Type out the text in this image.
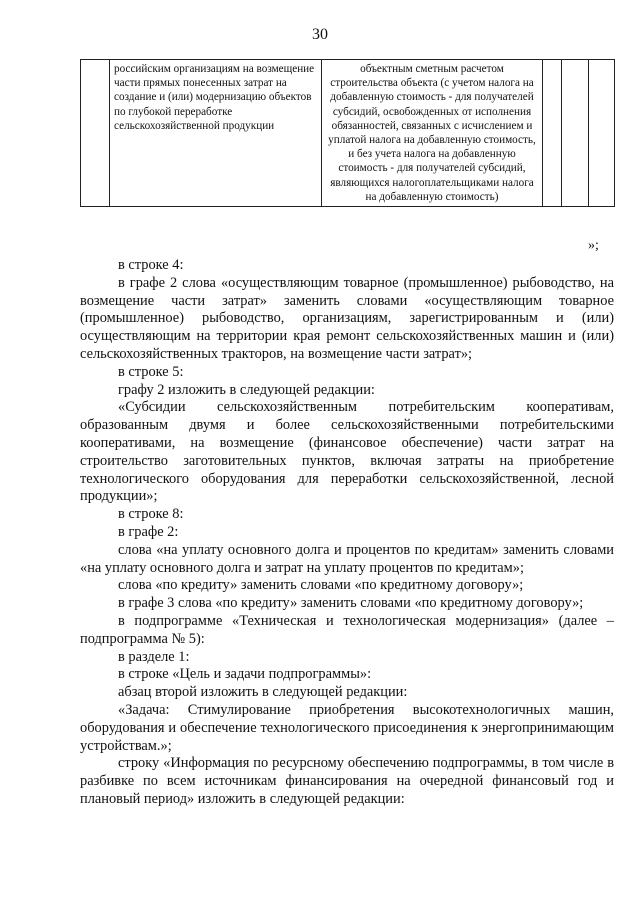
30
	российским организациям на возмещение части прямых понесенных затрат на создание и (или) модернизацию объектов по глубокой переработке сельскохозяйственной продукции	объектным сметным расчетом строительства объекта (с учетом налога на добавленную стоимость - для получателей субсидий, освобожденных от исполнения обязанностей, связанных с исчислением и уплатой налога на добавленную стоимость, и без учета налога на добавленную стоимость - для получателей субсидий, являющихся налогоплательщиками налога на добавленную стоимость)			
»;

в строке 4:

в графе 2 слова «осуществляющим товарное (промышленное) рыбоводство, на возмещение части затрат» заменить словами «осуществляющим товарное (промышленное) рыбоводство, организациям, зарегистрированным и (или) осуществляющим на территории края ремонт сельскохозяйственных машин и (или) сельскохозяйственных тракторов, на возмещение части затрат»;

в строке 5:

графу 2 изложить в следующей редакции:

«Субсидии сельскохозяйственным потребительским кооперативам, образованным двумя и более сельскохозяйственными потребительскими кооперативами, на возмещение (финансовое обеспечение) части затрат на строительство заготовительных пунктов, включая затраты на приобретение технологического оборудования для переработки сельскохозяйственной, лесной продукции»;

в строке 8:

в графе 2:

слова «на уплату основного долга и процентов по кредитам» заменить словами «на уплату основного долга и затрат на уплату процентов по кредитам»;

слова «по кредиту» заменить словами «по кредитному договору»;

в графе 3 слова «по кредиту» заменить словами «по кредитному договору»;

в подпрограмме «Техническая и технологическая модернизация» (далее – подпрограмма № 5):

в разделе 1:

в строке «Цель и задачи подпрограммы»:

абзац второй изложить в следующей редакции:

«Задача: Стимулирование приобретения высокотехнологичных машин, оборудования и обеспечение технологического присоединения к энергопринимающим устройствам.»;

строку «Информация по ресурсному обеспечению подпрограммы, в том числе в разбивке по всем источникам финансирования на очередной финансовый год и плановый период» изложить в следующей редакции:
